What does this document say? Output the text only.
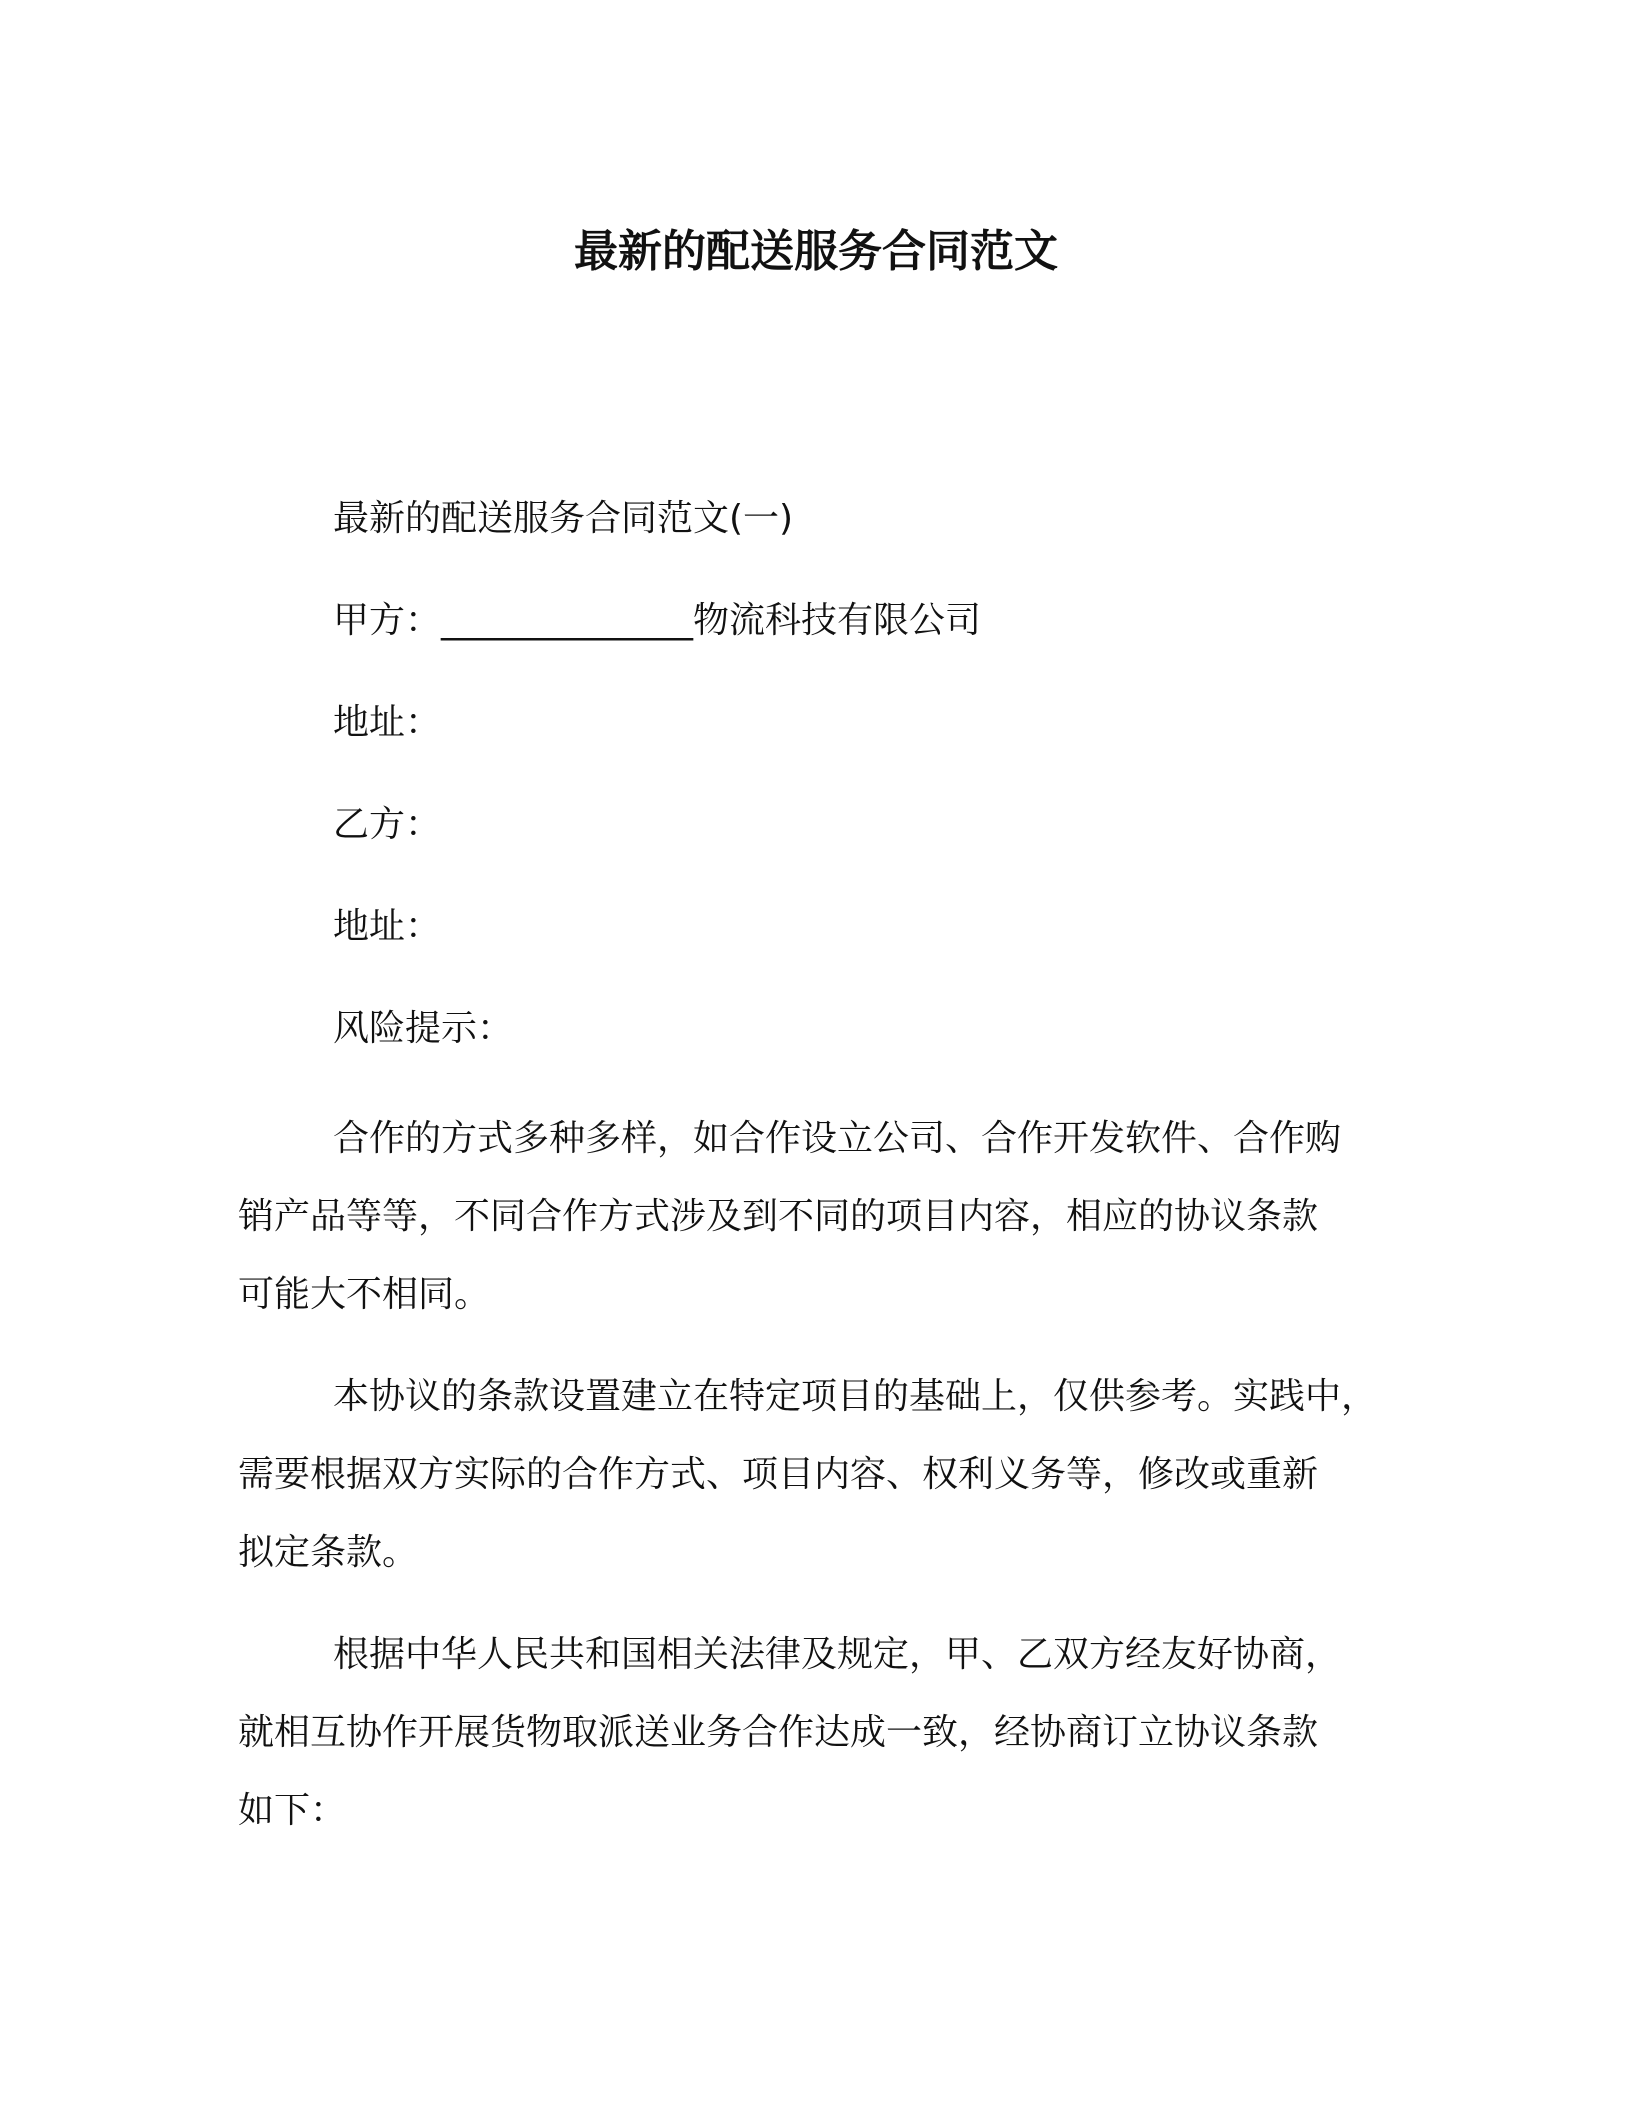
最新的配送服务合同范文

最新的配送服务合同范文(一)

甲方：______________物流科技有限公司

地址：

乙方：

地址：

风险提示：

合作的方式多种多样，如合作设立公司、合作开发软件、合作购
销产品等等，不同合作方式涉及到不同的项目内容，相应的协议条款
可能大不相同。
本协议的条款设置建立在特定项目的基础上，仅供参考。实践中，
需要根据双方实际的合作方式、项目内容、权利义务等，修改或重新
拟定条款。
根据中华人民共和国相关法律及规定，甲、乙双方经友好协商，
就相互协作开展货物取派送业务合作达成一致，经协商订立协议条款
如下：
